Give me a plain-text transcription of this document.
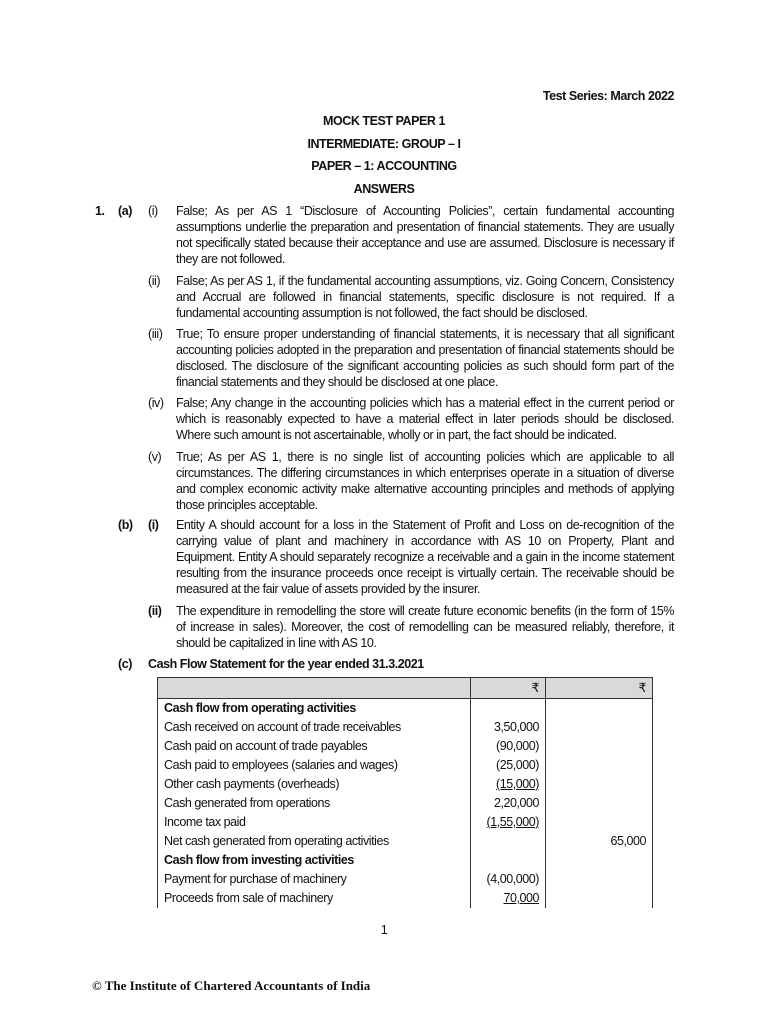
Test Series: March 2022
MOCK TEST PAPER 1
INTERMEDIATE: GROUP – I
PAPER – 1: ACCOUNTING
ANSWERS
1. (a) (i) False; As per AS 1 “Disclosure of Accounting Policies”, certain fundamental accounting assumptions underlie the preparation and presentation of financial statements. They are usually not specifically stated because their acceptance and use are assumed. Disclosure is necessary if they are not followed.
(ii) False; As per AS 1, if the fundamental accounting assumptions, viz. Going Concern, Consistency and Accrual are followed in financial statements, specific disclosure is not required. If a fundamental accounting assumption is not followed, the fact should be disclosed.
(iii) True; To ensure proper understanding of financial statements, it is necessary that all significant accounting policies adopted in the preparation and presentation of financial statements should be disclosed. The disclosure of the significant accounting policies as such should form part of the financial statements and they should be disclosed at one place.
(iv) False; Any change in the accounting policies which has a material effect in the current period or which is reasonably expected to have a material effect in later periods should be disclosed. Where such amount is not ascertainable, wholly or in part, the fact should be indicated.
(v) True; As per AS 1, there is no single list of accounting policies which are applicable to all circumstances. The differing circumstances in which enterprises operate in a situation of diverse and complex economic activity make alternative accounting principles and methods of applying those principles acceptable.
(b) (i) Entity A should account for a loss in the Statement of Profit and Loss on de-recognition of the carrying value of plant and machinery in accordance with AS 10 on Property, Plant and Equipment. Entity A should separately recognize a receivable and a gain in the income statement resulting from the insurance proceeds once receipt is virtually certain. The receivable should be measured at the fair value of assets provided by the insurer.
(ii) The expenditure in remodelling the store will create future economic benefits (in the form of 15% of increase in sales). Moreover, the cost of remodelling can be measured reliably, therefore, it should be capitalized in line with AS 10.
(c) Cash Flow Statement for the year ended 31.3.2021
	₹	₹
Cash flow from operating activities		
Cash received on account of trade receivables	3,50,000	
Cash paid on account of trade payables	(90,000)	
Cash paid to employees (salaries and wages)	(25,000)	
Other cash payments (overheads)	(15,000)	
Cash generated from operations	2,20,000	
Income tax paid	(1,55,000)	
Net cash generated from operating activities		65,000
Cash flow from investing activities		
Payment for purchase of machinery	(4,00,000)	
Proceeds from sale of machinery	70,000	
1
© The Institute of Chartered Accountants of India
